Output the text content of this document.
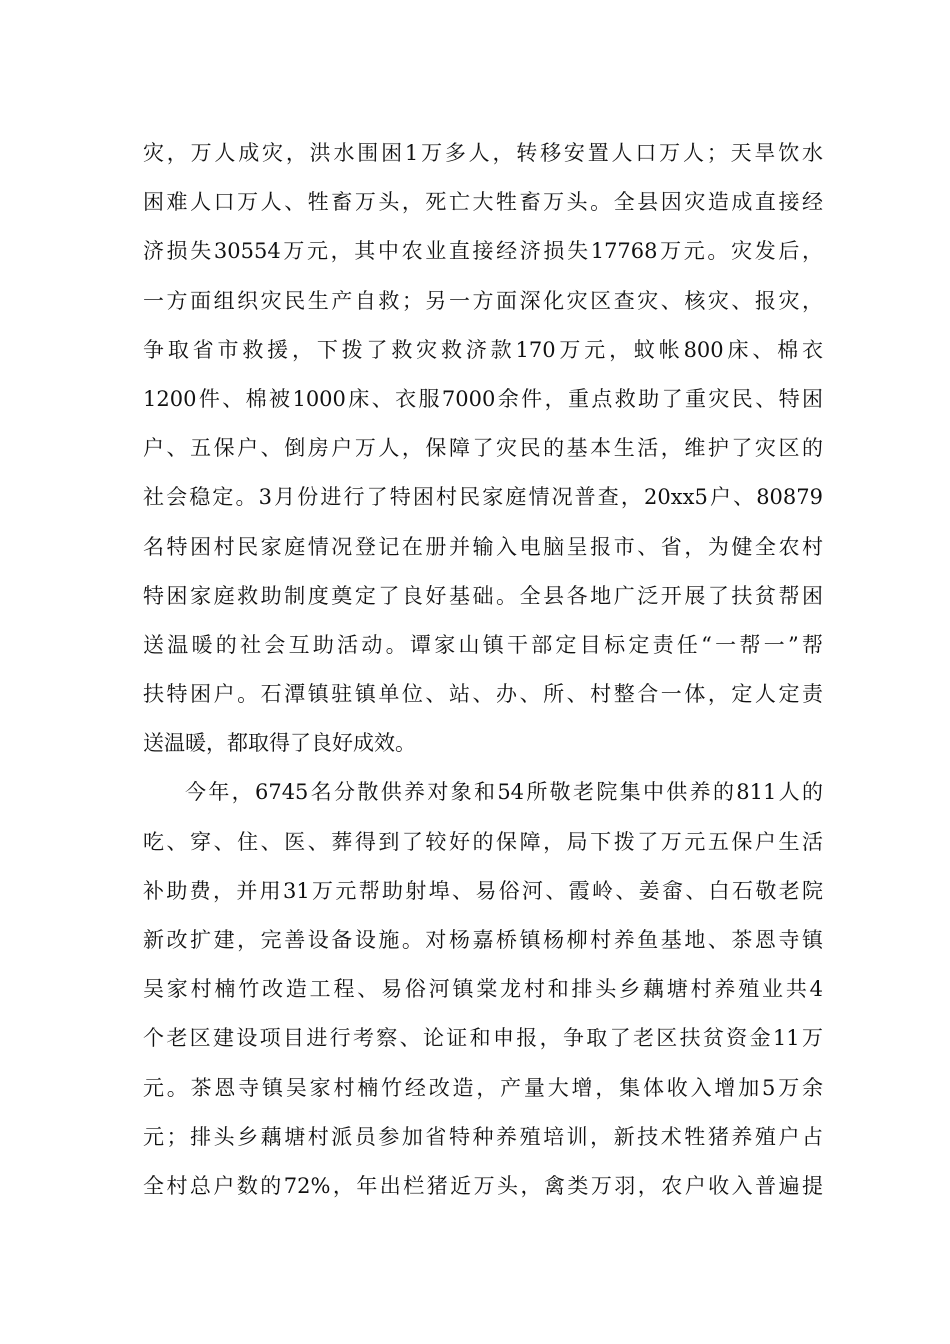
灾，万人成灾，洪水围困1万多人，转移安置人口万人；天旱饮水
困难人口万人、牲畜万头，死亡大牲畜万头。全县因灾造成直接经
济损失30554万元，其中农业直接经济损失17768万元。灾发后，
一方面组织灾民生产自救；另一方面深化灾区查灾、核灾、报灾，
争取省市救援，下拨了救灾救济款170万元，蚊帐800床、棉衣
1200件、棉被1000床、衣服7000余件，重点救助了重灾民、特困
户、五保户、倒房户万人，保障了灾民的基本生活，维护了灾区的
社会稳定。3月份进行了特困村民家庭情况普查，20xx5户、80879
名特困村民家庭情况登记在册并输入电脑呈报市、省，为健全农村
特困家庭救助制度奠定了良好基础。全县各地广泛开展了扶贫帮困
送温暖的社会互助活动。谭家山镇干部定目标定责任“一帮一”帮
扶特困户。石潭镇驻镇单位、站、办、所、村整合一体，定人定责
送温暖，都取得了良好成效。
今年，6745名分散供养对象和54所敬老院集中供养的811人的
吃、穿、住、医、葬得到了较好的保障，局下拨了万元五保户生活
补助费，并用31万元帮助射埠、易俗河、霞岭、姜畲、白石敬老院
新改扩建，完善设备设施。对杨嘉桥镇杨柳村养鱼基地、茶恩寺镇
吴家村楠竹改造工程、易俗河镇棠龙村和排头乡藕塘村养殖业共4
个老区建设项目进行考察、论证和申报，争取了老区扶贫资金11万
元。茶恩寺镇吴家村楠竹经改造，产量大增，集体收入增加5万余
元；排头乡藕塘村派员参加省特种养殖培训，新技术牲猪养殖户占
全村总户数的72%，年出栏猪近万头，禽类万羽，农户收入普遍提
